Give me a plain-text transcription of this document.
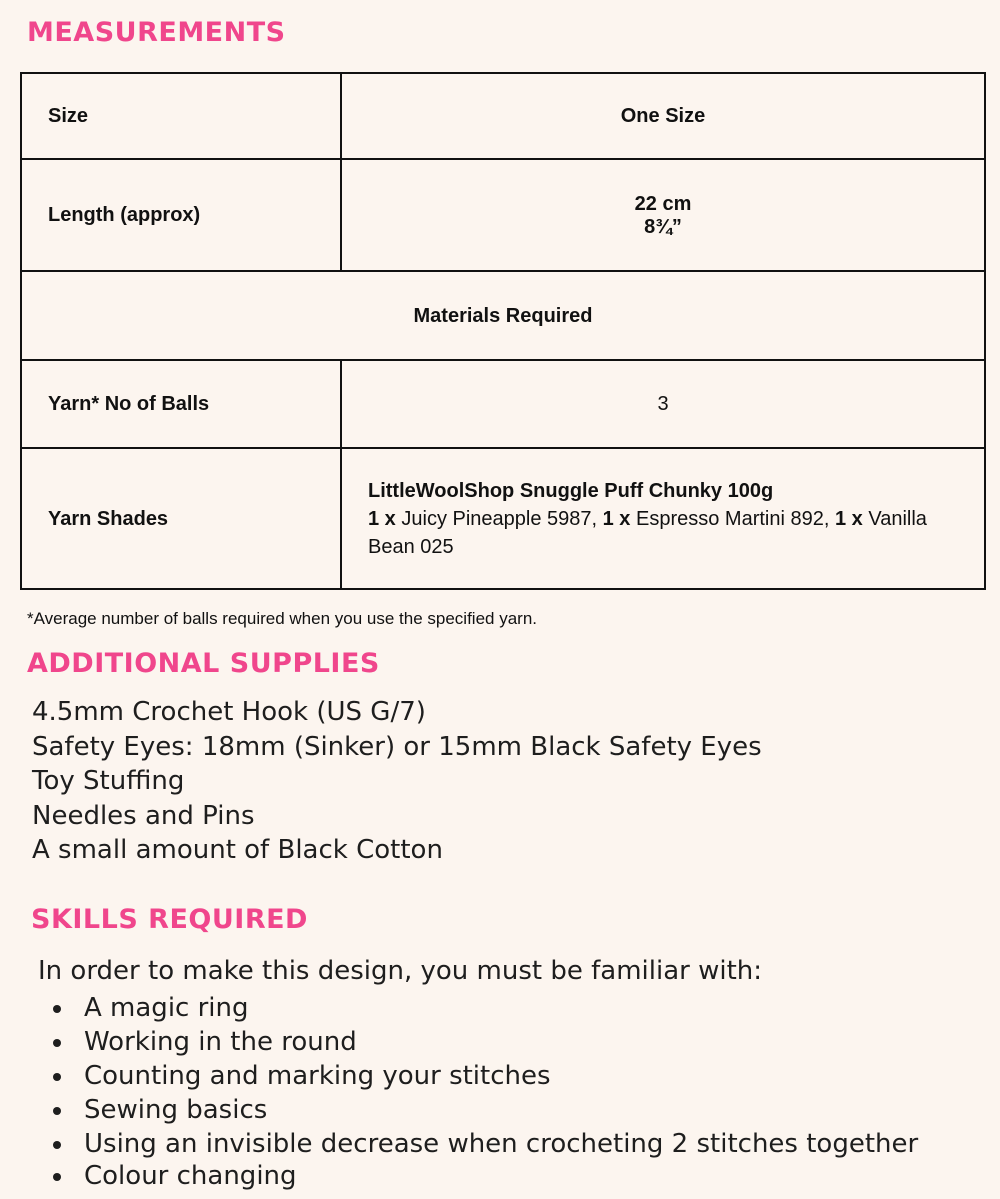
MEASUREMENTS
Size	One Size
Length (approx)	22 cm
8¾”

Materials Required	
Yarn* No of Balls	3
Yarn Shades	LittleWoolShop Snuggle Puff Chunky 100g
1 x Juicy Pineapple 5987, 1 x Espresso Martini 892, 1 x Vanilla Bean 025

*Average number of balls required when you use the specified yarn.

ADDITIONAL SUPPLIES
4.5mm Crochet Hook (US G/7)
Safety Eyes: 18mm (Sinker) or 15mm Black Safety Eyes
Toy Stuffing
Needles and Pins
A small amount of Black Cotton
SKILLS REQUIRED

In order to make this design, you must be familiar with:

A magic ring
Working in the round
Counting and marking your stitches
Sewing basics
Using an invisible decrease when crocheting 2 stitches together
Colour changing
